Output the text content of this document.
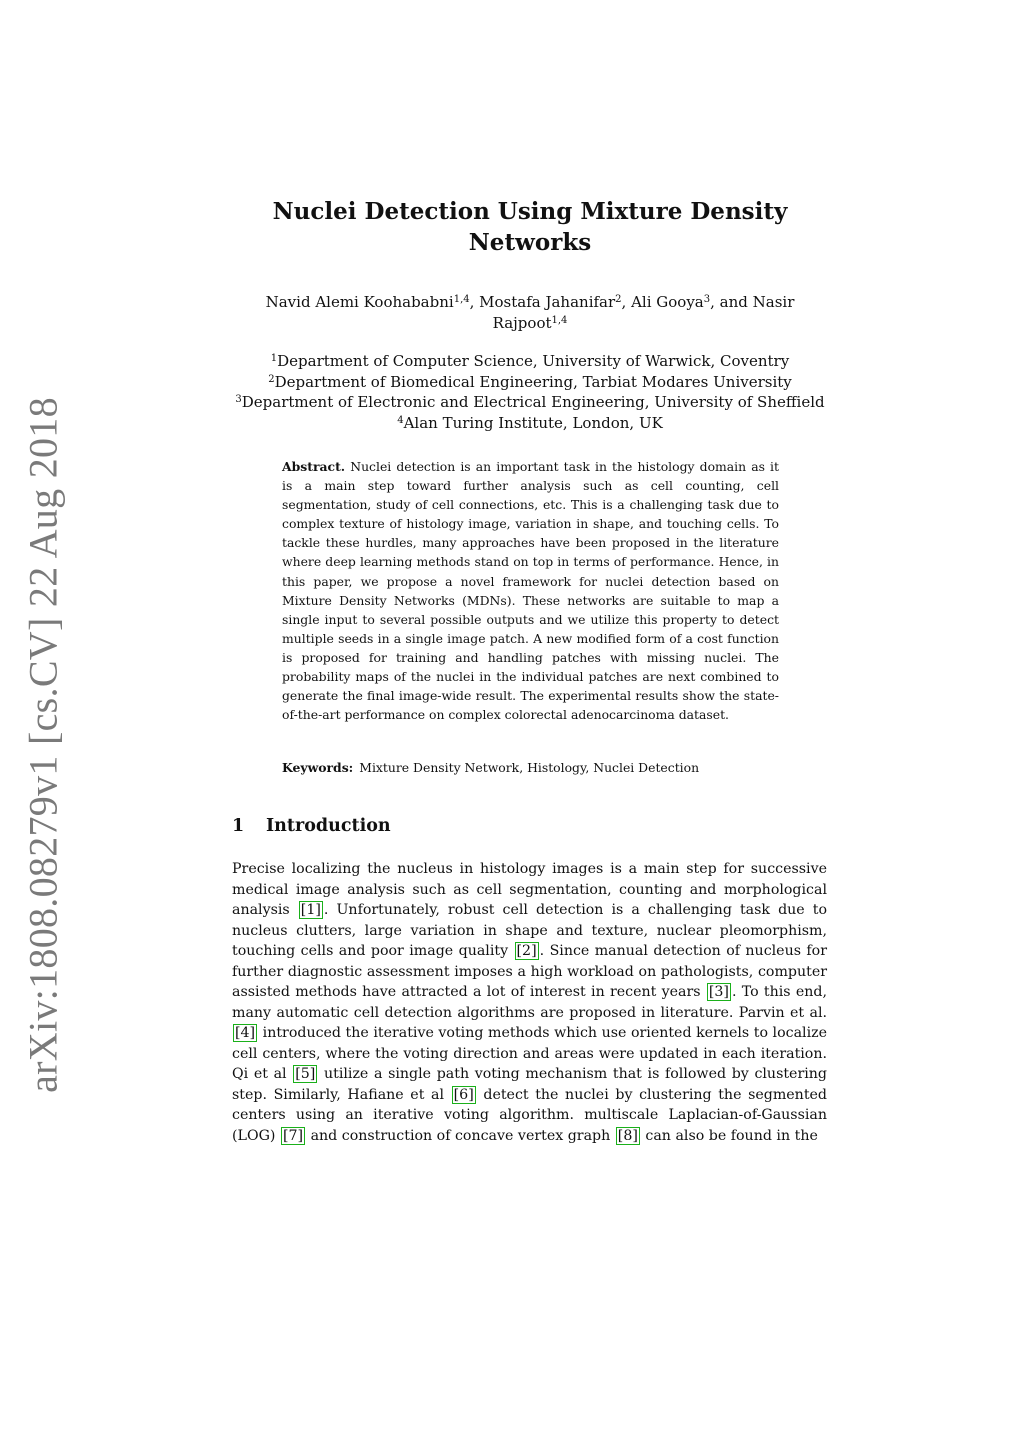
arXiv:1808.08279v1 [cs.CV] 22 Aug 2018
Nuclei Detection Using Mixture Density Networks
Navid Alemi Koohababni$^{1,4}$, Mostafa Jahanifar$^2$, Ali Gooya$^3$, and Nasir Rajpoot$^{1,4}$
$^1$Department of Computer Science, University of Warwick, Coventry
$^2$Department of Biomedical Engineering, Tarbiat Modares University
$^3$Department of Electronic and Electrical Engineering, University of Sheffield
$^4$Alan Turing Institute, London, UK
Abstract. Nuclei detection is an important task in the histology domain as it is a main step toward further analysis such as cell counting, cell segmentation, study of cell connections, etc. This is a challenging task due to complex texture of histology image, variation in shape, and touching cells. To tackle these hurdles, many approaches have been proposed in the literature where deep learning methods stand on top in terms of performance. Hence, in this paper, we propose a novel framework for nuclei detection based on Mixture Density Networks (MDNs). These networks are suitable to map a single input to several possible outputs and we utilize this property to detect multiple seeds in a single image patch. A new modified form of a cost function is proposed for training and handling patches with missing nuclei. The probability maps of the nuclei in the individual patches are next combined to generate the final image-wide result. The experimental results show the state-of-the-art performance on complex colorectal adenocarcinoma dataset.
Keywords: Mixture Density Network, Histology, Nuclei Detection
1 Introduction
Precise localizing the nucleus in histology images is a main step for successive medical image analysis such as cell segmentation, counting and morphological analysis [1] . Unfortunately, robust cell detection is a challenging task due to nucleus clutters, large variation in shape and texture, nuclear pleomorphism, touching cells and poor image quality [2] . Since manual detection of nucleus for further diagnostic assessment imposes a high workload on pathologists, computer assisted methods have attracted a lot of interest in recent years [3] . To this end, many automatic cell detection algorithms are proposed in literature. Parvin et al. [4] introduced the iterative voting methods which use oriented kernels to localize cell centers, where the voting direction and areas were updated in each iteration. Qi et al [5] utilize a single path voting mechanism that is followed by clustering step. Similarly, Hafiane et al [6] detect the nuclei by clustering the segmented centers using an iterative voting algorithm. multiscale Laplacian-of-Gaussian (LOG) [7] and construction of concave vertex graph [8] can also be found in the
